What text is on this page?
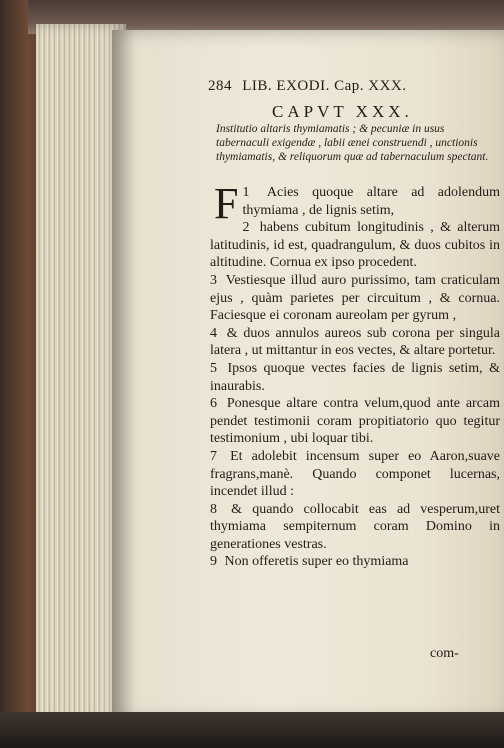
284 LIB. EXODI. Cap. XXX.
CAPVT XXX.
Institutio altaris thymiamatis ; & pecuniæ in usus tabernaculi exigendæ , labii ænei construendi , unctionis thymiamatis, & reliquorum quæ ad tabernaculum spectant.

1
F Acies quoque altare ad adolendum thymiama , de lignis setim,

2 habens cubitum longitudinis , & alterum latitudinis, id est, quadrangulum, & duos cubitos in altitudine. Cornua ex ipso procedent.

3 Vestiesque illud auro purissimo, tam craticulam ejus , quàm parietes per circuitum , & cornua. Faciesque ei coronam aureolam per gyrum ,

4 & duos annulos aureos sub corona per singula latera , ut mittantur in eos vectes, & altare portetur.

5 Ipsos quoque vectes facies de lignis setim, & inaurabis.

6 Ponesque altare contra velum,quod ante arcam pendet testimonii coram propitiatorio quo tegitur testimonium , ubi loquar tibi.

7 Et adolebit incensum super eo Aaron,suave fragrans,manè. Quando componet lucernas, incendet illud :

8 & quando collocabit eas ad vesperum,uret thymiama sempiternum coram Domino in generationes vestras.

9 Non offeretis super eo thymiama

com-
